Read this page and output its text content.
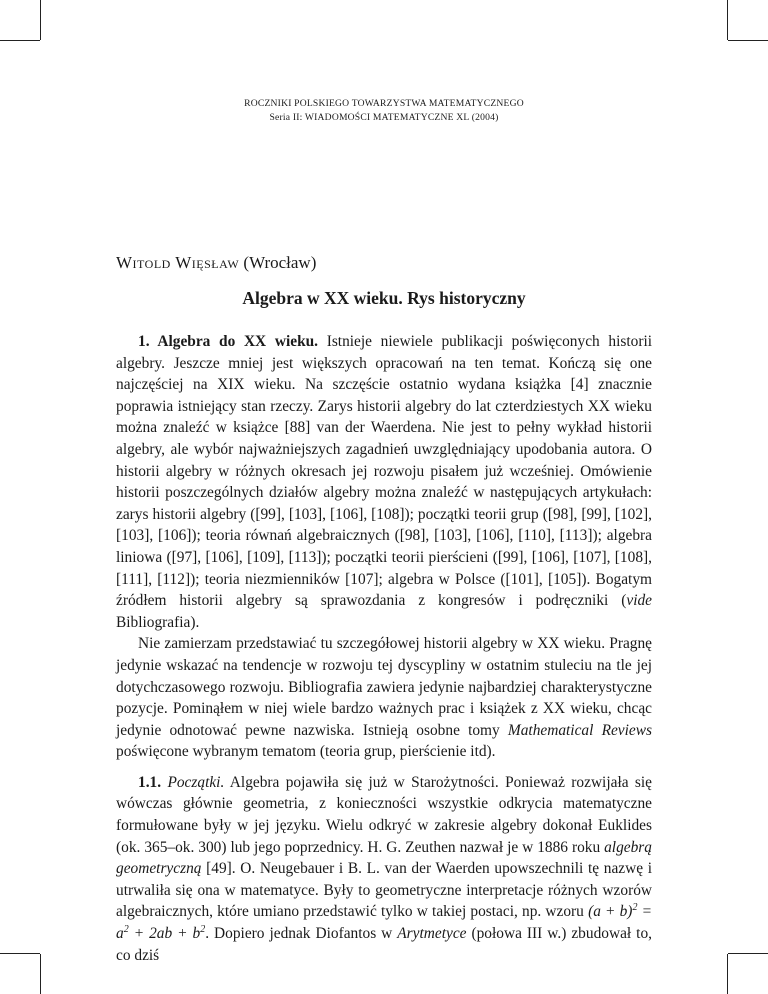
ROCZNIKI POLSKIEGO TOWARZYSTWA MATEMATYCZNEGO
Seria II: WIADOMOŚCI MATEMATYCZNE XL (2004)
Witold Więsław (Wrocław)
Algebra w XX wieku. Rys historyczny

1. Algebra do XX wieku. Istnieje niewiele publikacji poświęconych historii algebry. Jeszcze mniej jest większych opracowań na ten temat. Kończą się one najczęściej na XIX wieku. Na szczęście ostatnio wydana książka [4] znacznie poprawia istniejący stan rzeczy. Zarys historii algebry do lat czterdziestych XX wieku można znaleźć w książce [88] van der Waerdena. Nie jest to pełny wykład historii algebry, ale wybór najważniejszych zagadnień uwzględniający upodobania autora. O historii algebry w różnych okresach jej rozwoju pisałem już wcześniej. Omówienie historii poszczególnych działów algebry można znaleźć w następujących artykułach: zarys historii algebry ([99], [103], [106], [108]); początki teorii grup ([98], [99], [102], [103], [106]); teoria równań algebraicznych ([98], [103], [106], [110], [113]); algebra liniowa ([97], [106], [109], [113]); początki teorii pierścieni ([99], [106], [107], [108], [111], [112]); teoria niezmienników [107]; algebra w Polsce ([101], [105]). Bogatym źródłem historii algebry są sprawozdania z kongresów i podręczniki (vide Bibliografia).

Nie zamierzam przedstawiać tu szczegółowej historii algebry w XX wieku. Pragnę jedynie wskazać na tendencje w rozwoju tej dyscypliny w ostatnim stuleciu na tle jej dotychczasowego rozwoju. Bibliografia zawiera jedynie najbardziej charakterystyczne pozycje. Pominąłem w niej wiele bardzo ważnych prac i książek z XX wieku, chcąc jedynie odnotować pewne nazwiska. Istnieją osobne tomy Mathematical Reviews poświęcone wybranym tematom (teoria grup, pierścienie itd).

1.1. Początki. Algebra pojawiła się już w Starożytności. Ponieważ rozwijała się wówczas głównie geometria, z konieczności wszystkie odkrycia matematyczne formułowane były w jej języku. Wielu odkryć w zakresie algebry dokonał Euklides (ok. 365–ok. 300) lub jego poprzednicy. H. G. Zeuthen nazwał je w 1886 roku algebrą geometryczną [49]. O. Neugebauer i B. L. van der Waerden upowszechnili tę nazwę i utrwaliła się ona w matematyce. Były to geometryczne interpretacje różnych wzorów algebraicznych, które umiano przedstawić tylko w takiej postaci, np. wzoru $(a + b)^2 = a^2 + 2ab + b^2$. Dopiero jednak Diofantos w Arytmetyce (połowa III w.) zbudował to, co dziś
